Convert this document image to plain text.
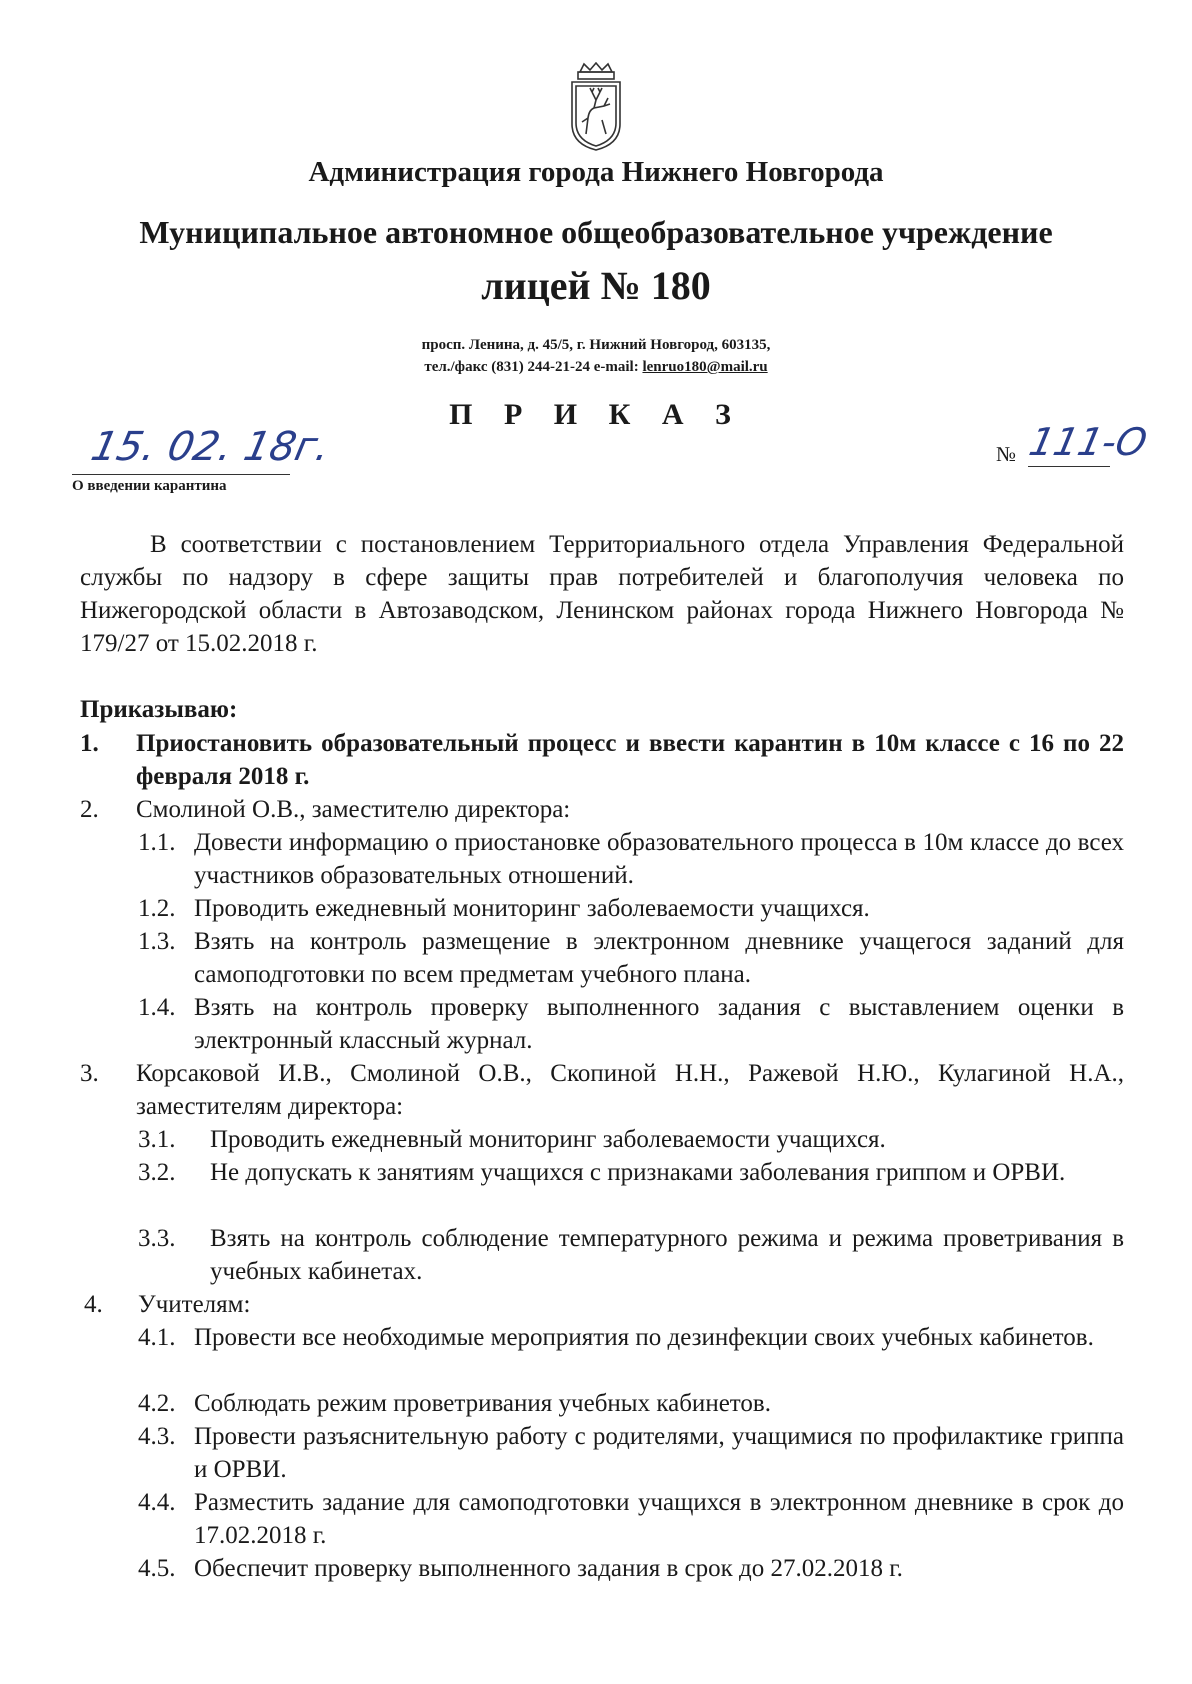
Администрация города Нижнего Новгорода
Муниципальное автономное общеобразовательное учреждение
лицей № 180
просп. Ленина, д. 45/5, г. Нижний Новгород, 603135,
тел./факс (831) 244-21-24 e-mail: lenruo180@mail.ru
П Р И К А З
15. 02. 18г.
О введении карантина
№ 111-О
В соответствии с постановлением Территориального отдела Управления Федеральной службы по надзору в сфере защиты прав потребителей и благополучия человека по Нижегородской области в Автозаводском, Ленинском районах города Нижнего Новгорода № 179/27 от 15.02.2018 г.
Приказываю:
1. Приостановить образовательный процесс и ввести карантин в 10м классе с 16 по 22 февраля 2018 г.
2. Смолиной О.В., заместителю директора:
1.1. Довести информацию о приостановке образовательного процесса в 10м классе до всех участников образовательных отношений.
1.2. Проводить ежедневный мониторинг заболеваемости учащихся.
1.3. Взять на контроль размещение в электронном дневнике учащегося заданий для самоподготовки по всем предметам учебного плана.
1.4. Взять на контроль проверку выполненного задания с выставлением оценки в электронный классный журнал.
3. Корсаковой И.В., Смолиной О.В., Скопиной Н.Н., Ражевой Н.Ю., Кулагиной Н.А., заместителям директора:
3.1. Проводить ежедневный мониторинг заболеваемости учащихся.
3.2. Не допускать к занятиям учащихся с признаками заболевания гриппом и ОРВИ.
3.3. Взять на контроль соблюдение температурного режима и режима проветривания в учебных кабинетах.
4. Учителям:
4.1. Провести все необходимые мероприятия по дезинфекции своих учебных кабинетов.
4.2. Соблюдать режим проветривания учебных кабинетов.
4.3. Провести разъяснительную работу с родителями, учащимися по профилактике гриппа и ОРВИ.
4.4. Разместить задание для самоподготовки учащихся в электронном дневнике в срок до 17.02.2018 г.
4.5. Обеспечит проверку выполненного задания в срок до 27.02.2018 г.
